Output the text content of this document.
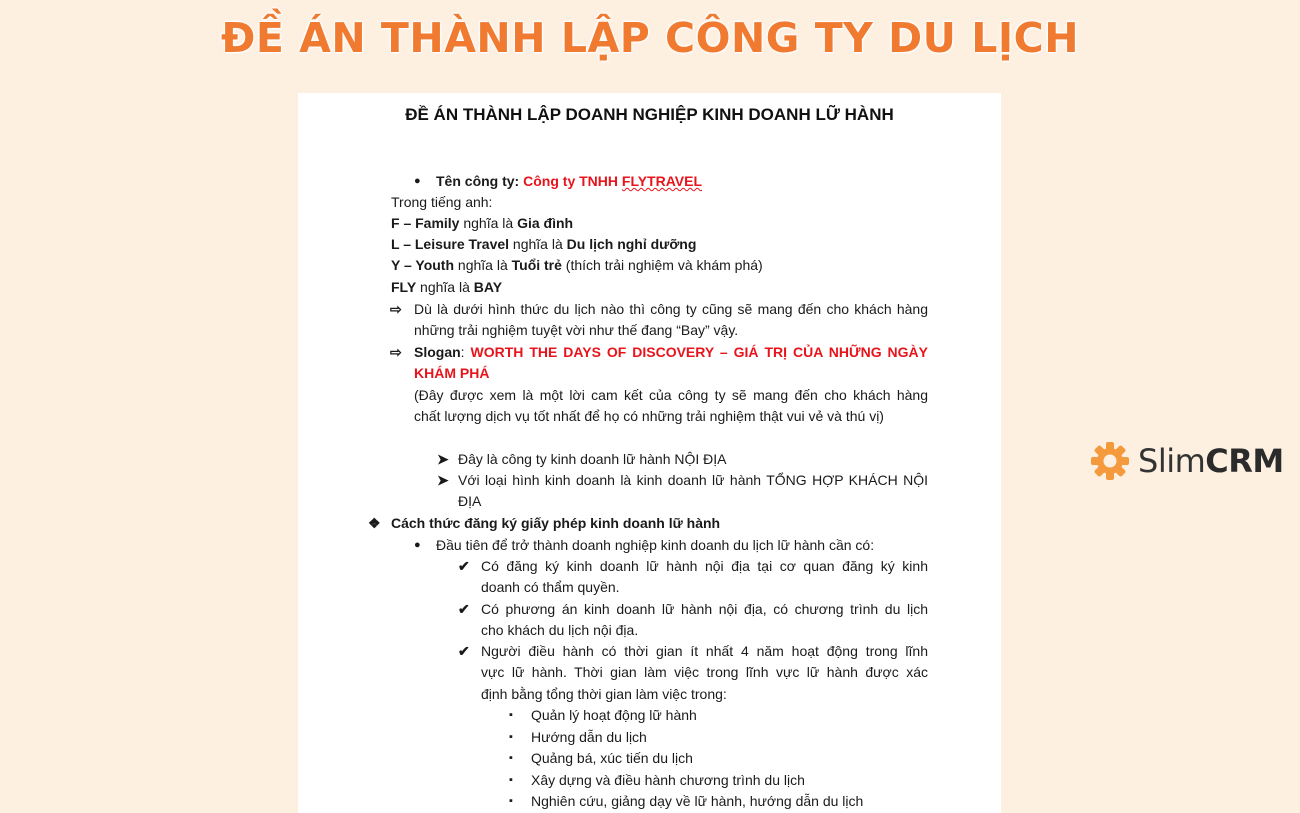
ĐỀ ÁN THÀNH LẬP CÔNG TY DU LỊCH
ĐỀ ÁN THÀNH LẬP DOANH NGHIỆP KINH DOANH LỮ HÀNH
● Tên công ty: Công ty TNHH FLYTRAVEL
Trong tiếng anh:
F – Family nghĩa là Gia đình
L – Leisure Travel nghĩa là Du lịch nghỉ dưỡng
Y – Youth nghĩa là Tuổi trẻ (thích trải nghiệm và khám phá)
FLY nghĩa là BAY
⇨ Dù là dưới hình thức du lịch nào thì công ty cũng sẽ mang đến cho khách hàng
những trải nghiệm tuyệt vời như thế đang “Bay” vậy.
⇨ Slogan: WORTH THE DAYS OF DISCOVERY – GIÁ TRỊ CỦA NHỮNG NGÀY
KHÁM PHÁ
(Đây được xem là một lời cam kết của công ty sẽ mang đến cho khách hàng
chất lượng dịch vụ tốt nhất để họ có những trải nghiệm thật vui vẻ và thú vị)
➤ Đây là công ty kinh doanh lữ hành NỘI ĐỊA
➤ Với loại hình kinh doanh là kinh doanh lữ hành TỔNG HỢP KHÁCH NỘI
ĐỊA
❖ Cách thức đăng ký giấy phép kinh doanh lữ hành
● Đầu tiên để trở thành doanh nghiệp kinh doanh du lịch lữ hành cần có:
✔ Có đăng ký kinh doanh lữ hành nội địa tại cơ quan đăng ký kinh
doanh có thẩm quyền.
✔ Có phương án kinh doanh lữ hành nội địa, có chương trình du lịch
cho khách du lịch nội địa.
✔ Người điều hành có thời gian ít nhất 4 năm hoạt động trong lĩnh
vực lữ hành. Thời gian làm việc trong lĩnh vực lữ hành được xác
định bằng tổng thời gian làm việc trong:
▪ Quản lý hoạt động lữ hành
▪ Hướng dẫn du lịch
▪ Quảng bá, xúc tiến du lịch
▪ Xây dựng và điều hành chương trình du lịch
▪ Nghiên cứu, giảng dạy về lữ hành, hướng dẫn du lịch
SlimCRM
